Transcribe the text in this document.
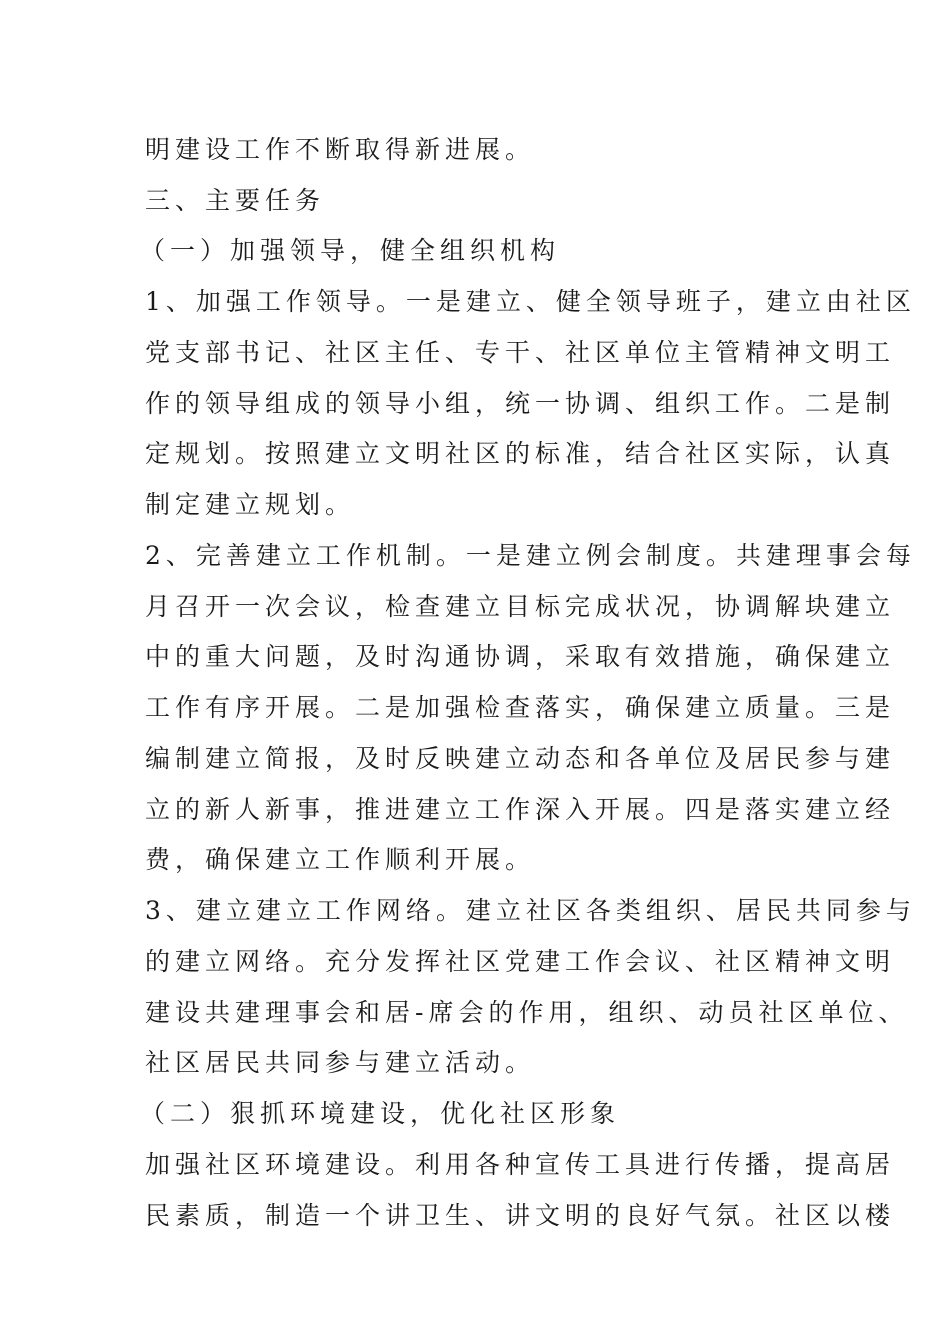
明建设工作不断取得新进展。
三、主要任务
（一）加强领导，健全组织机构
1、加强工作领导。一是建立、健全领导班子，建立由社区
党支部书记、社区主任、专干、社区单位主管精神文明工
作的领导组成的领导小组，统一协调、组织工作。二是制
定规划。按照建立文明社区的标准，结合社区实际，认真
制定建立规划。
2、完善建立工作机制。一是建立例会制度。共建理事会每
月召开一次会议，检查建立目标完成状况，协调解块建立
中的重大问题，及时沟通协调，采取有效措施，确保建立
工作有序开展。二是加强检查落实，确保建立质量。三是
编制建立简报，及时反映建立动态和各单位及居民参与建
立的新人新事，推进建立工作深入开展。四是落实建立经
费，确保建立工作顺利开展。
3、建立建立工作网络。建立社区各类组织、居民共同参与
的建立网络。充分发挥社区党建工作会议、社区精神文明
建设共建理事会和居-席会的作用，组织、动员社区单位、
社区居民共同参与建立活动。
（二）狠抓环境建设，优化社区形象
加强社区环境建设。利用各种宣传工具进行传播，提高居
民素质，制造一个讲卫生、讲文明的良好气氛。社区以楼
